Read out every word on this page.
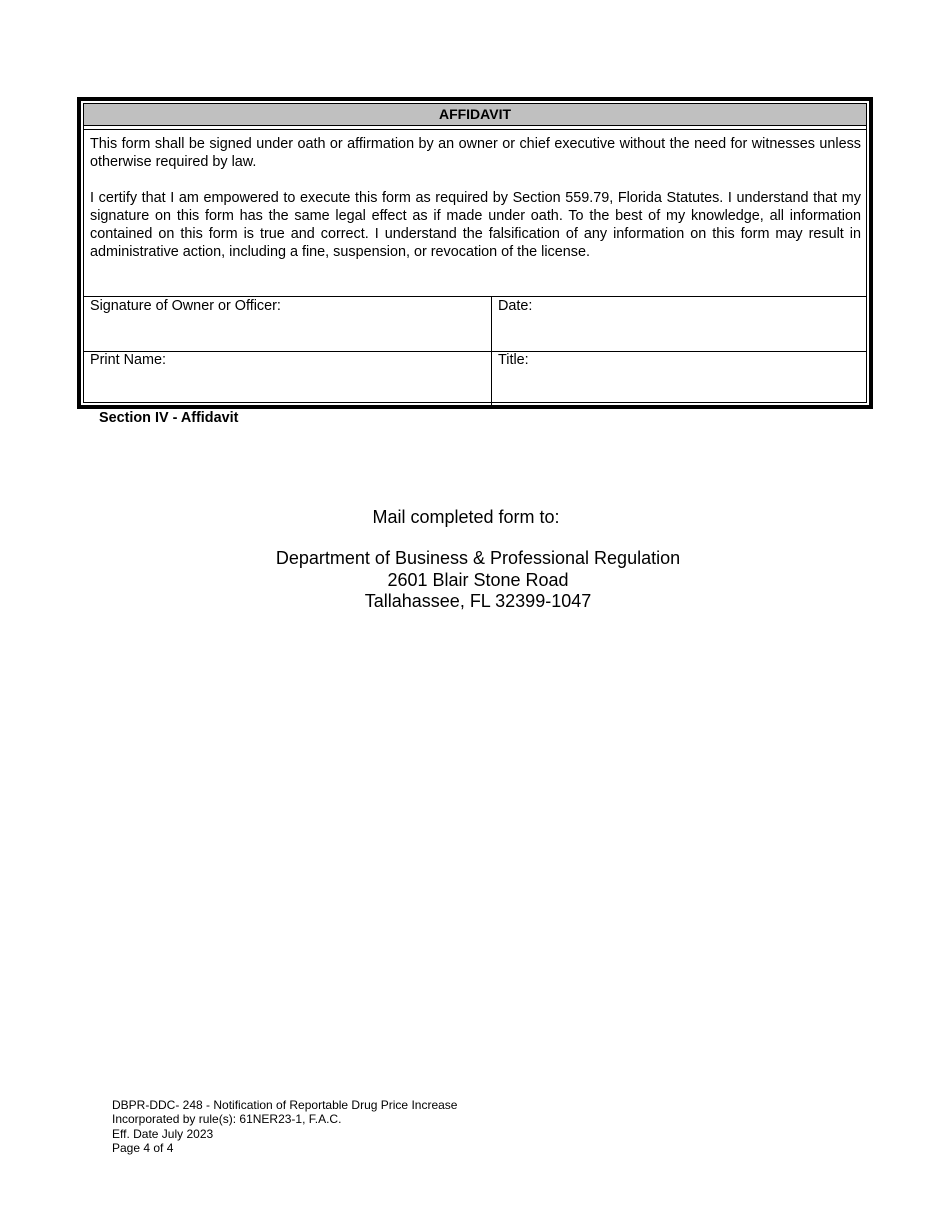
AFFIDAVIT

This form shall be signed under oath or affirmation by an owner or chief executive without the need for witnesses unless otherwise required by law.

I certify that I am empowered to execute this form as required by Section 559.79, Florida Statutes. I understand that my signature on this form has the same legal effect as if made under oath. To the best of my knowledge, all information contained on this form is true and correct. I understand the falsification of any information on this form may result in administrative action, including a fine, suspension, or revocation of the license.

Signature of Owner or Officer:	Date:
Print Name:	Title:
Section IV - Affidavit
Mail completed form to:
Department of Business & Professional Regulation
2601 Blair Stone Road
Tallahassee, FL 32399-1047
DBPR-DDC- 248 - Notification of Reportable Drug Price Increase
Incorporated by rule(s): 61NER23-1, F.A.C.
Eff. Date July 2023
Page 4 of 4
